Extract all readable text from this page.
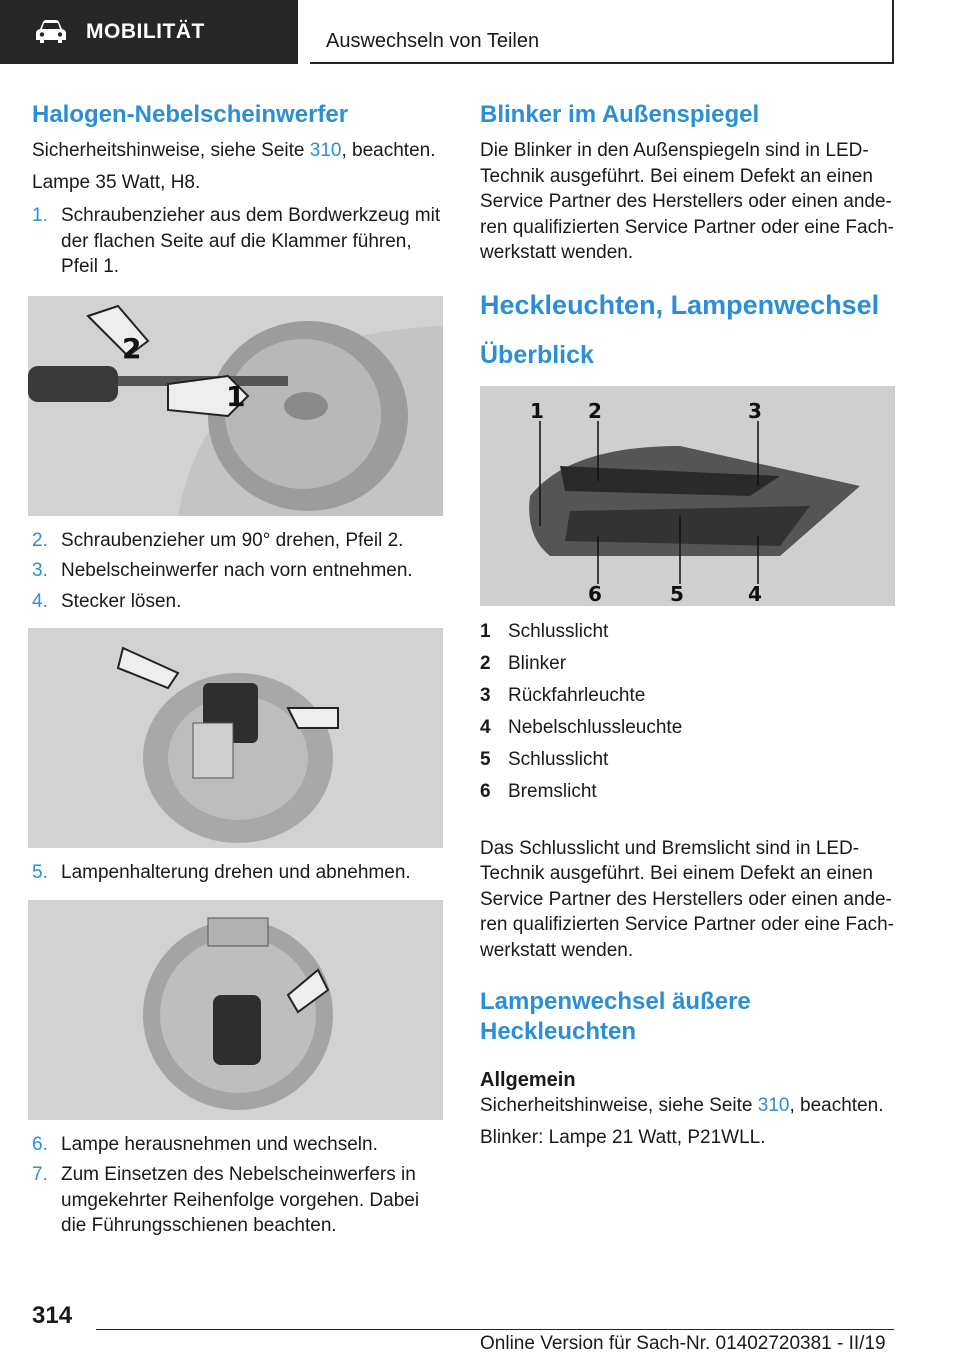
MOBILITÄT	Auswechseln von Teilen
Halogen-Nebelscheinwerfer

Sicherheitshinweise, siehe Seite 310, beachten.

Lampe 35 Watt, H8.

1. Schraubenzieher aus dem Bordwerkzeug mit
der flachen Seite auf die Klammer führen,
Pfeil 1.
2
1
2. Schraubenzieher um 90° drehen, Pfeil 2.
3. Nebelscheinwerfer nach vorn entnehmen.
4. Stecker lösen.
5. Lampenhalterung drehen und abnehmen.
6. Lampe herausnehmen und wechseln.
7. Zum Einsetzen des Nebelscheinwerfers in
umgekehrter Reihenfolge vorgehen. Dabei
die Führungsschienen beachten.
Blinker im Außenspiegel

Die Blinker in den Außenspiegeln sind in LED-
Technik ausgeführt. Bei einem Defekt an einen
Service Partner des Herstellers oder einen ande-
ren qualifizierten Service Partner oder eine Fach-
werkstatt wenden.

Heckleuchten, Lampenwechsel
Überblick
1 2	3
6	5	4
1 Schlusslicht
2 Blinker
3 Rückfahrleuchte
4 Nebelschlussleuchte
5 Schlusslicht
6 Bremslicht

Das Schlusslicht und Bremslicht sind in LED-
Technik ausgeführt. Bei einem Defekt an einen
Service Partner des Herstellers oder einen ande-
ren qualifizierten Service Partner oder eine Fach-
werkstatt wenden.

Lampenwechsel äußere
Heckleuchten
Allgemein

Sicherheitshinweise, siehe Seite 310, beachten.

Blinker: Lampe 21 Watt, P21WLL.

314
Online Version für Sach-Nr. 01402720381 - II/19
